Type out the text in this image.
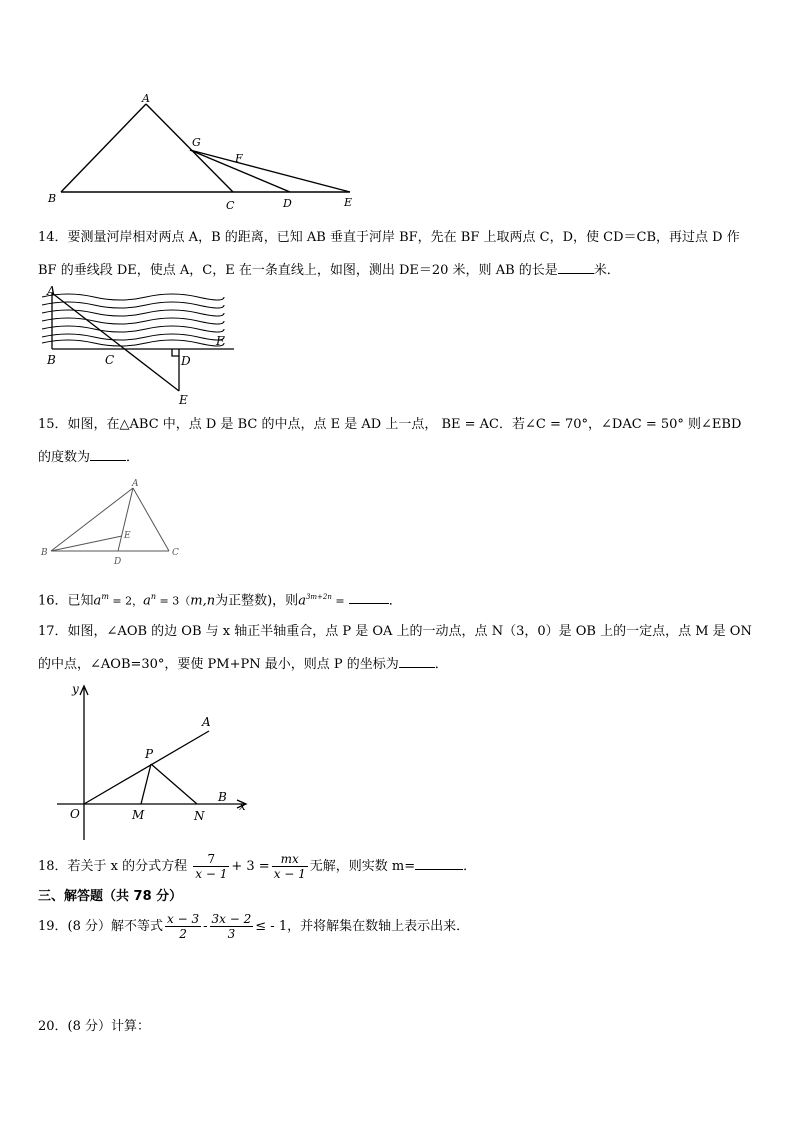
A
G
F
B
C	D	E
14．要测量河岸相对两点 A，B 的距离，已知 AB 垂直于河岸 BF，先在 BF 上取两点 C，D，使 CD＝CB，再过点 D 作
BF 的垂线段 DE，使点 A，C，E 在一条直线上，如图，测出 DE＝20 米，则 AB 的长是	米．
A
B	C	D
F
E
15．如图，在△ABC 中，点 D 是 BC 的中点，点 E 是 AD 上一点， BE = AC．若∠C = 70°，∠DAC = 50° 则∠EBD
的度数为	．
A
E
B
D
C
16．已知$a^m = 2$，$a^n = 3(m,n$为正整数)，则$a^{3m+2n}$ =	．
17．如图，∠AOB 的边 OB 与 x 轴正半轴重合，点 P 是 OA 上的一动点，点 N（3，0）是 OB 上的一定点，点 M 是 ON
的中点，∠AOB=30°，要使 PM+PN 最小，则点 P 的坐标为	．
y
A
P
B
x
O	M	N
18．若关于 x 的分式方程 $\frac{7}{x - 1} + 3 = \frac{mx}{x - 1}$ 无解，则实数 m=	．
三、解答题（共 78 分）
19．(8 分）解不等式 $\frac{x - 3}{2} - \frac{3x - 2}{3}$ ≤ - 1，并将解集在数轴上表示出来．
20．(8 分）计算：
